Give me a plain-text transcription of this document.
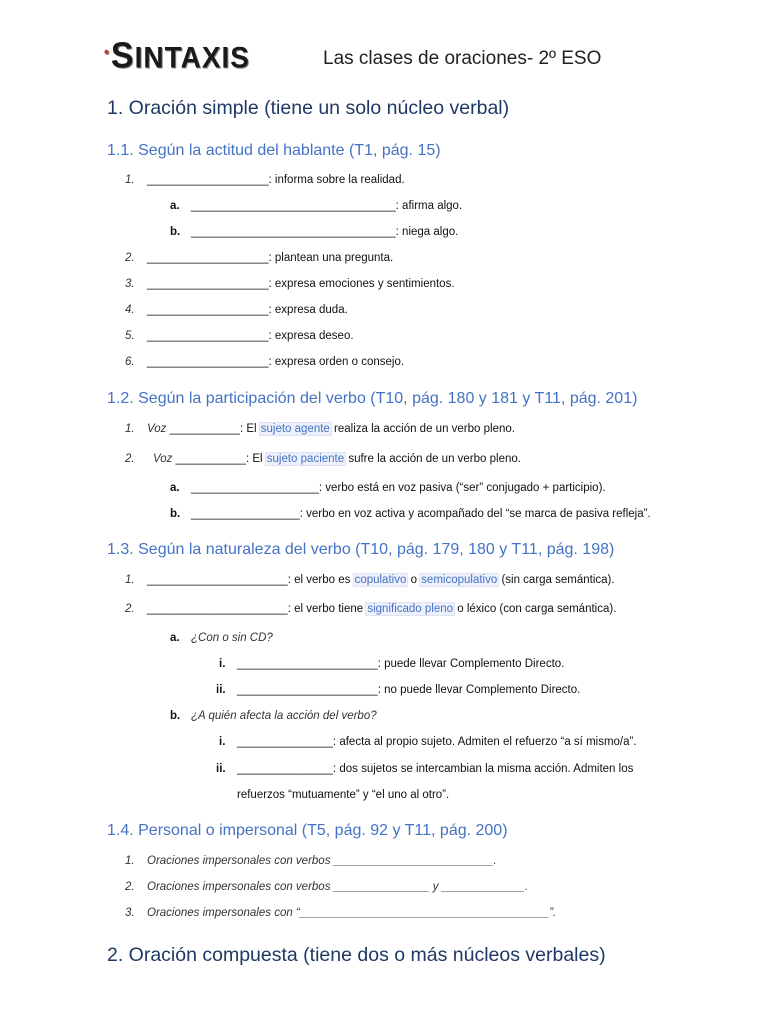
•SINTAXIS	Las clases de oraciones- 2º ESO
1. Oración simple (tiene un solo núcleo verbal)
1.1. Según la actitud del hablante (T1, pág. 15)
1. ___________________: informa sobre la realidad.
a. ________________________________: afirma algo.
b. ________________________________: niega algo.
2. ___________________: plantean una pregunta.
3. ___________________: expresa emociones y sentimientos.
4. ___________________: expresa duda.
5. ___________________: expresa deseo.
6. ___________________: expresa orden o consejo.
1.2. Según la participación del verbo (T10, pág. 180 y 181 y T11, pág. 201)
1. Voz ___________: El sujeto agente realiza la acción de un verbo pleno.
2. Voz ___________: El sujeto paciente sufre la acción de un verbo pleno.
a. ____________________: verbo está en voz pasiva (“ser” conjugado + participio).
b. _________________: verbo en voz activa y acompañado del “se marca de pasiva refleja”.
1.3. Según la naturaleza del verbo (T10, pág. 179, 180 y T11, pág. 198)
1. ______________________: el verbo es copulativo o semicopulativo (sin carga semántica).
2. ______________________: el verbo tiene significado pleno o léxico (con carga semántica).
a. ¿Con o sin CD?
i. ______________________: puede llevar Complemento Directo.
ii. ______________________: no puede llevar Complemento Directo.
b. ¿A quién afecta la acción del verbo?
i. _______________: afecta al propio sujeto. Admiten el refuerzo “a sí mismo/a”.
ii. _______________: dos sujetos se intercambian la misma acción. Admiten los
refuerzos “mutuamente” y “el uno al otro”.
1.4. Personal o impersonal (T5, pág. 92 y T11, pág. 200)
1. Oraciones impersonales con verbos _________________________.
2. Oraciones impersonales con verbos _______________ y _____________.
3. Oraciones impersonales con “_______________________________________”.
2. Oración compuesta (tiene dos o más núcleos verbales)
